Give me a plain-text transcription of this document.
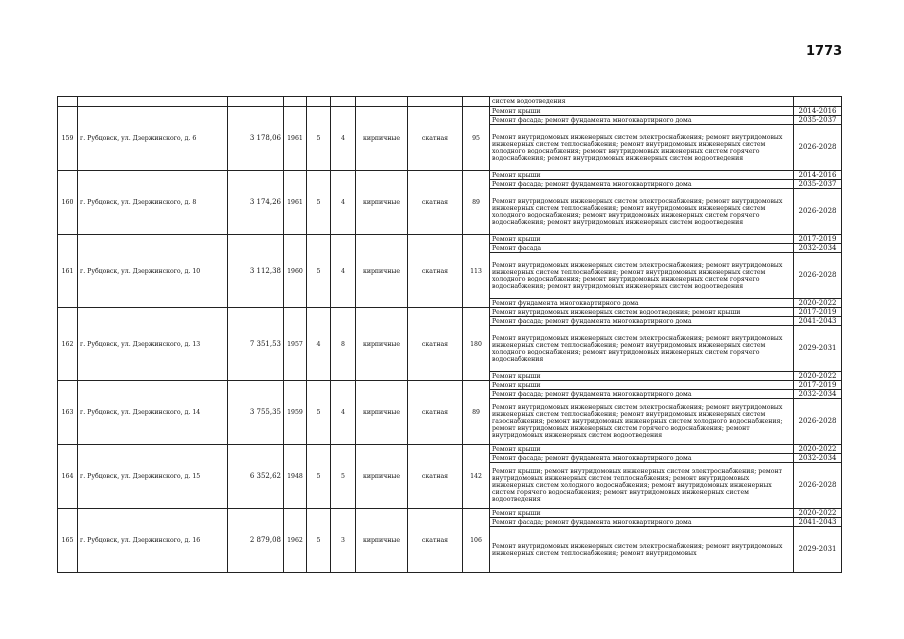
1773
									систем водоотведения	
159	г. Рубцовск, ул. Дзержинского, д. 6	3 178,06	1961	5	4	кирпичные	скатная	95	Ремонт крыши	2014-2016
									Ремонт фасада; ремонт фундамента многоквартирного дома	2035-2037
									Ремонт внутридомовых инженерных систем электроснабжения; ремонт внутридомовых инженерных систем теплоснабжения; ремонт внутридомовых инженерных систем холодного водоснабжения; ремонт внутридомовых инженерных систем горячего водоснабжения; ремонт внутридомовых инженерных систем водоотведения	2026-2028
160	г. Рубцовск, ул. Дзержинского, д. 8	3 174,26	1961	5	4	кирпичные	скатная	89	Ремонт крыши	2014-2016
									Ремонт фасада; ремонт фундамента многоквартирного дома	2035-2037
									Ремонт внутридомовых инженерных систем электроснабжения; ремонт внутридомовых инженерных систем теплоснабжения; ремонт внутридомовых инженерных систем холодного водоснабжения; ремонт внутридомовых инженерных систем горячего водоснабжения; ремонт внутридомовых инженерных систем водоотведения	2026-2028
161	г. Рубцовск, ул. Дзержинского, д. 10	3 112,38	1960	5	4	кирпичные	скатная	113	Ремонт крыши	2017-2019
									Ремонт фасада	2032-2034
									Ремонт внутридомовых инженерных систем электроснабжения; ремонт внутридомовых инженерных систем теплоснабжения; ремонт внутридомовых инженерных систем холодного водоснабжения; ремонт внутридомовых инженерных систем горячего водоснабжения; ремонт внутридомовых инженерных систем водоотведения	2026-2028
									Ремонт фундамента многоквартирного дома	2020-2022
162	г. Рубцовск, ул. Дзержинского, д. 13	7 351,53	1957	4	8	кирпичные	скатная	180	Ремонт внутридомовых инженерных систем водоотведения; ремонт крыши	2017-2019
									Ремонт фасада; ремонт фундамента многоквартирного дома	2041-2043
									Ремонт внутридомовых инженерных систем электроснабжения; ремонт внутридомовых инженерных систем теплоснабжения; ремонт внутридомовых инженерных систем холодного водоснабжения; ремонт внутридомовых инженерных систем горячего водоснабжения	2029-2031
									Ремонт крыши	2020-2022
163	г. Рубцовск, ул. Дзержинского, д. 14	3 755,35	1959	5	4	кирпичные	скатная	89	Ремонт крыши	2017-2019
									Ремонт фасада; ремонт фундамента многоквартирного дома	2032-2034
									Ремонт внутридомовых инженерных систем электроснабжения; ремонт внутридомовых инженерных систем теплоснабжения; ремонт внутридомовых инженерных систем газоснабжения; ремонт внутридомовых инженерных систем холодного водоснабжения; ремонт внутридомовых инженерных систем горячего водоснабжения; ремонт внутридомовых инженерных систем водоотведения	2026-2028
164	г. Рубцовск, ул. Дзержинского, д. 15	6 352,62	1948	5	5	кирпичные	скатная	142	Ремонт крыши	2020-2022
									Ремонт фасада; ремонт фундамента многоквартирного дома	2032-2034
									Ремонт крыши; ремонт внутридомовых инженерных систем электроснабжения; ремонт внутридомовых инженерных систем теплоснабжения; ремонт внутридомовых инженерных систем холодного водоснабжения; ремонт внутридомовых инженерных систем горячего водоснабжения; ремонт внутридомовых инженерных систем водоотведения	2026-2028
165	г. Рубцовск, ул. Дзержинского, д. 16	2 879,08	1962	5	3	кирпичные	скатная	106	Ремонт крыши	2020-2022
									Ремонт фасада; ремонт фундамента многоквартирного дома	2041-2043
									Ремонт внутридомовых инженерных систем электроснабжения; ремонт внутридомовых инженерных систем теплоснабжения; ремонт внутридомовых	2029-2031
